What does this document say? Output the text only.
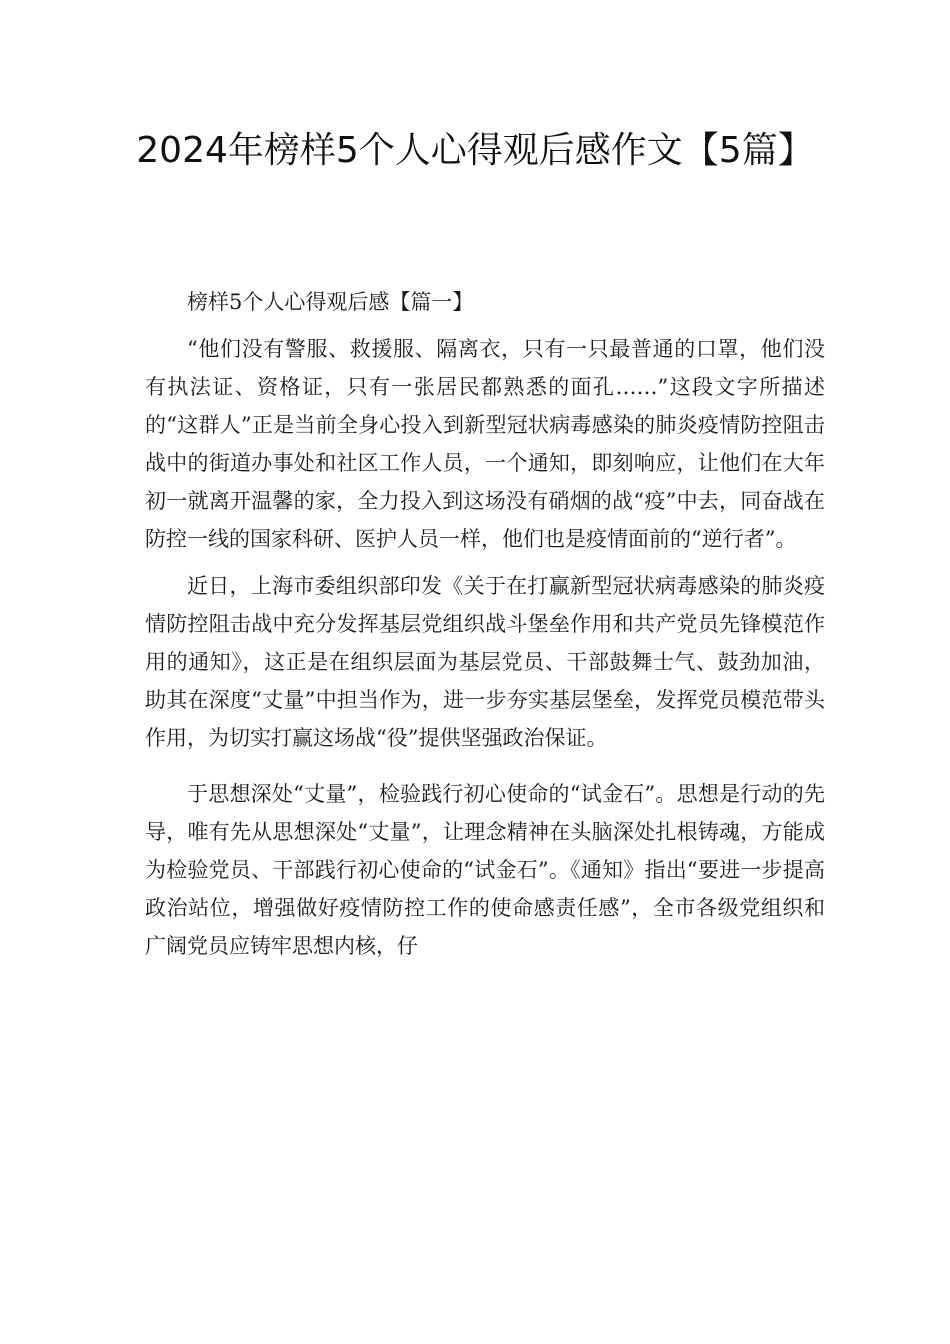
2024年榜样5个人心得观后感作文【5篇】

榜样5个人心得观后感【篇一】

“他们没有警服、救援服、隔离衣，只有一只最普通的口罩，他们没有执法证、资格证，只有一张居民都熟悉的面孔……”这段文字所描述的“这群人”正是当前全身心投入到新型冠状病毒感染的肺炎疫情防控阻击战中的街道办事处和社区工作人员，一个通知，即刻响应，让他们在大年初一就离开温馨的家，全力投入到这场没有硝烟的战“疫”中去，同奋战在防控一线的国家科研、医护人员一样，他们也是疫情面前的“逆行者”。

近日，上海市委组织部印发《关于在打赢新型冠状病毒感染的肺炎疫情防控阻击战中充分发挥基层党组织战斗堡垒作用和共产党员先锋模范作用的通知》，这正是在组织层面为基层党员、干部鼓舞士气、鼓劲加油，助其在深度“丈量”中担当作为，进一步夯实基层堡垒，发挥党员模范带头作用，为切实打赢这场战“役”提供坚强政治保证。

于思想深处“丈量”，检验践行初心使命的“试金石”。思想是行动的先导，唯有先从思想深处“丈量”，让理念精神在头脑深处扎根铸魂，方能成为检验党员、干部践行初心使命的“试金石”。《通知》指出“要进一步提高政治站位，增强做好疫情防控工作的使命感责任感”，全市各级党组织和广阔党员应铸牢思想内核，仔
